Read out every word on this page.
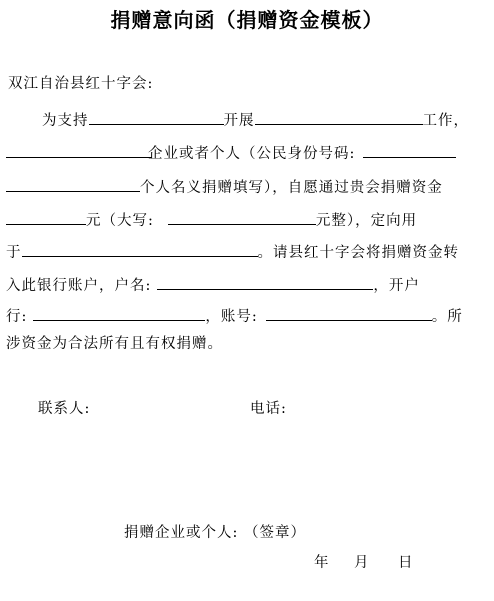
捐赠意向函（捐赠资金模板）
双江自治县红十字会:
为支持	开展	工作，
企业或者个人（公民身份号码:
个人名义捐赠填写），自愿通过贵会捐赠资金
元（大写:	元整），定向用
于	。请县红十字会将捐赠资金转
入此银行账户，户名:	，开户
行:	，账号:	。所
涉资金为合法所有且有权捐赠。
联系人:	电话:
捐赠企业或个人: （签章）
年 月 日
